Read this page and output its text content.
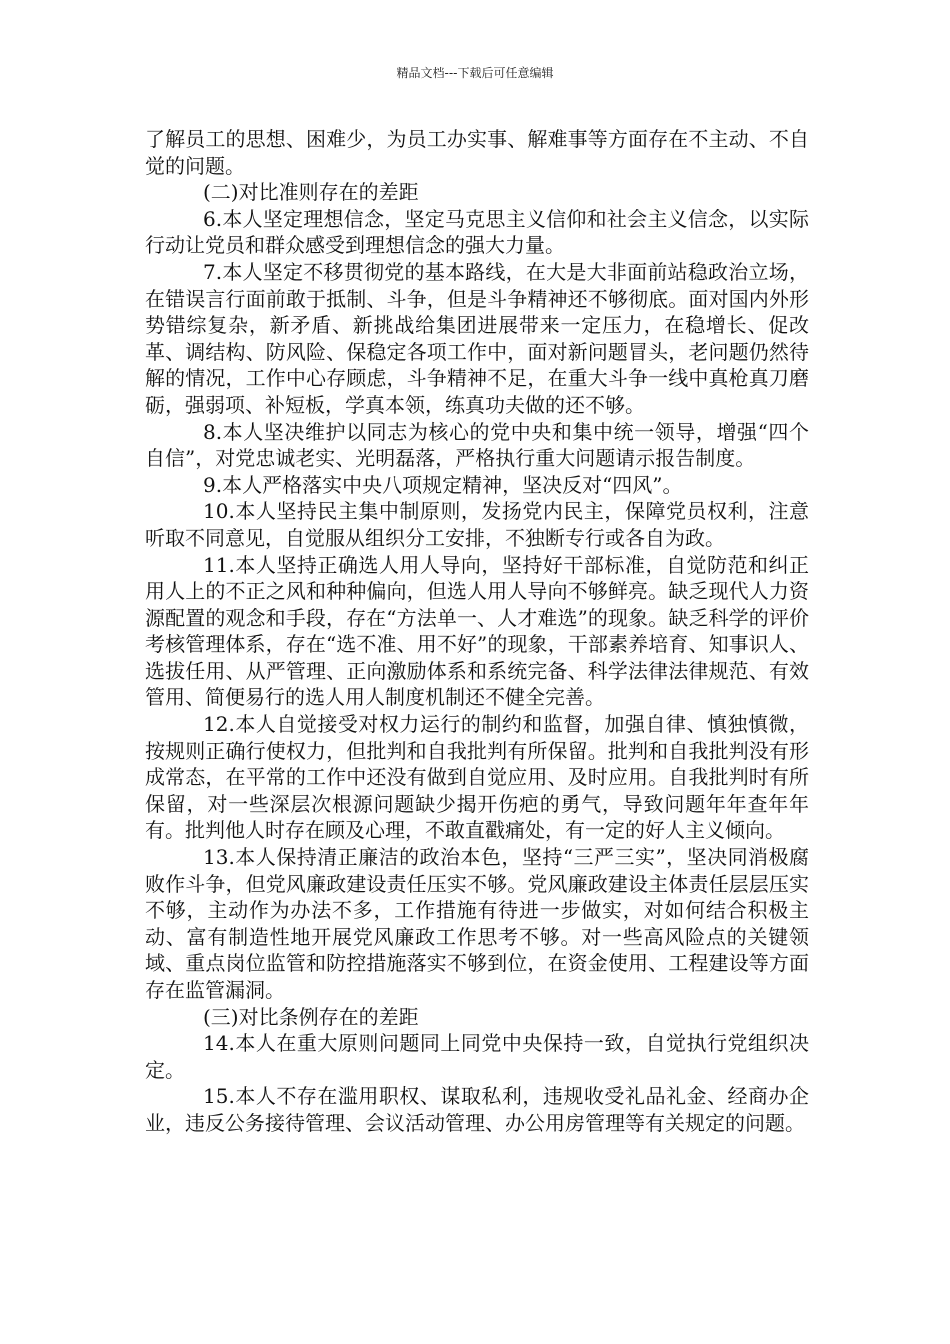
精品文档---下载后可任意编辑

了解员工的思想、困难少，为员工办实事、解难事等方面存在不主动、不自觉的问题。

(二)对比准则存在的差距

6.本人坚定理想信念，坚定马克思主义信仰和社会主义信念，以实际行动让党员和群众感受到理想信念的强大力量。

7.本人坚定不移贯彻党的基本路线，在大是大非面前站稳政治立场，在错误言行面前敢于抵制、斗争，但是斗争精神还不够彻底。面对国内外形势错综复杂，新矛盾、新挑战给集团进展带来一定压力，在稳增长、促改革、调结构、防风险、保稳定各项工作中，面对新问题冒头，老问题仍然待解的情况，工作中心存顾虑，斗争精神不足，在重大斗争一线中真枪真刀磨砺，强弱项、补短板，学真本领，练真功夫做的还不够。

8.本人坚决维护以同志为核心的党中央和集中统一领导，增强“四个自信”，对党忠诚老实、光明磊落，严格执行重大问题请示报告制度。

9.本人严格落实中央八项规定精神，坚决反对“四风”。

10.本人坚持民主集中制原则，发扬党内民主，保障党员权利，注意听取不同意见，自觉服从组织分工安排，不独断专行或各自为政。

11.本人坚持正确选人用人导向，坚持好干部标准，自觉防范和纠正用人上的不正之风和种种偏向，但选人用人导向不够鲜亮。缺乏现代人力资源配置的观念和手段，存在“方法单一、人才难选”的现象。缺乏科学的评价考核管理体系，存在“选不准、用不好”的现象，干部素养培育、知事识人、选拔任用、从严管理、正向激励体系和系统完备、科学法律法律规范、有效管用、简便易行的选人用人制度机制还不健全完善。

12.本人自觉接受对权力运行的制约和监督，加强自律、慎独慎微，按规则正确行使权力，但批判和自我批判有所保留。批判和自我批判没有形成常态，在平常的工作中还没有做到自觉应用、及时应用。自我批判时有所保留，对一些深层次根源问题缺少揭开伤疤的勇气，导致问题年年查年年有。批判他人时存在顾及心理，不敢直戳痛处，有一定的好人主义倾向。

13.本人保持清正廉洁的政治本色，坚持“三严三实”，坚决同消极腐败作斗争，但党风廉政建设责任压实不够。党风廉政建设主体责任层层压实不够，主动作为办法不多，工作措施有待进一步做实，对如何结合积极主动、富有制造性地开展党风廉政工作思考不够。对一些高风险点的关键领域、重点岗位监管和防控措施落实不够到位，在资金使用、工程建设等方面存在监管漏洞。

(三)对比条例存在的差距

14.本人在重大原则问题同上同党中央保持一致，自觉执行党组织决定。

15.本人不存在滥用职权、谋取私利，违规收受礼品礼金、经商办企业，违反公务接待管理、会议活动管理、办公用房管理等有关规定的问题。
